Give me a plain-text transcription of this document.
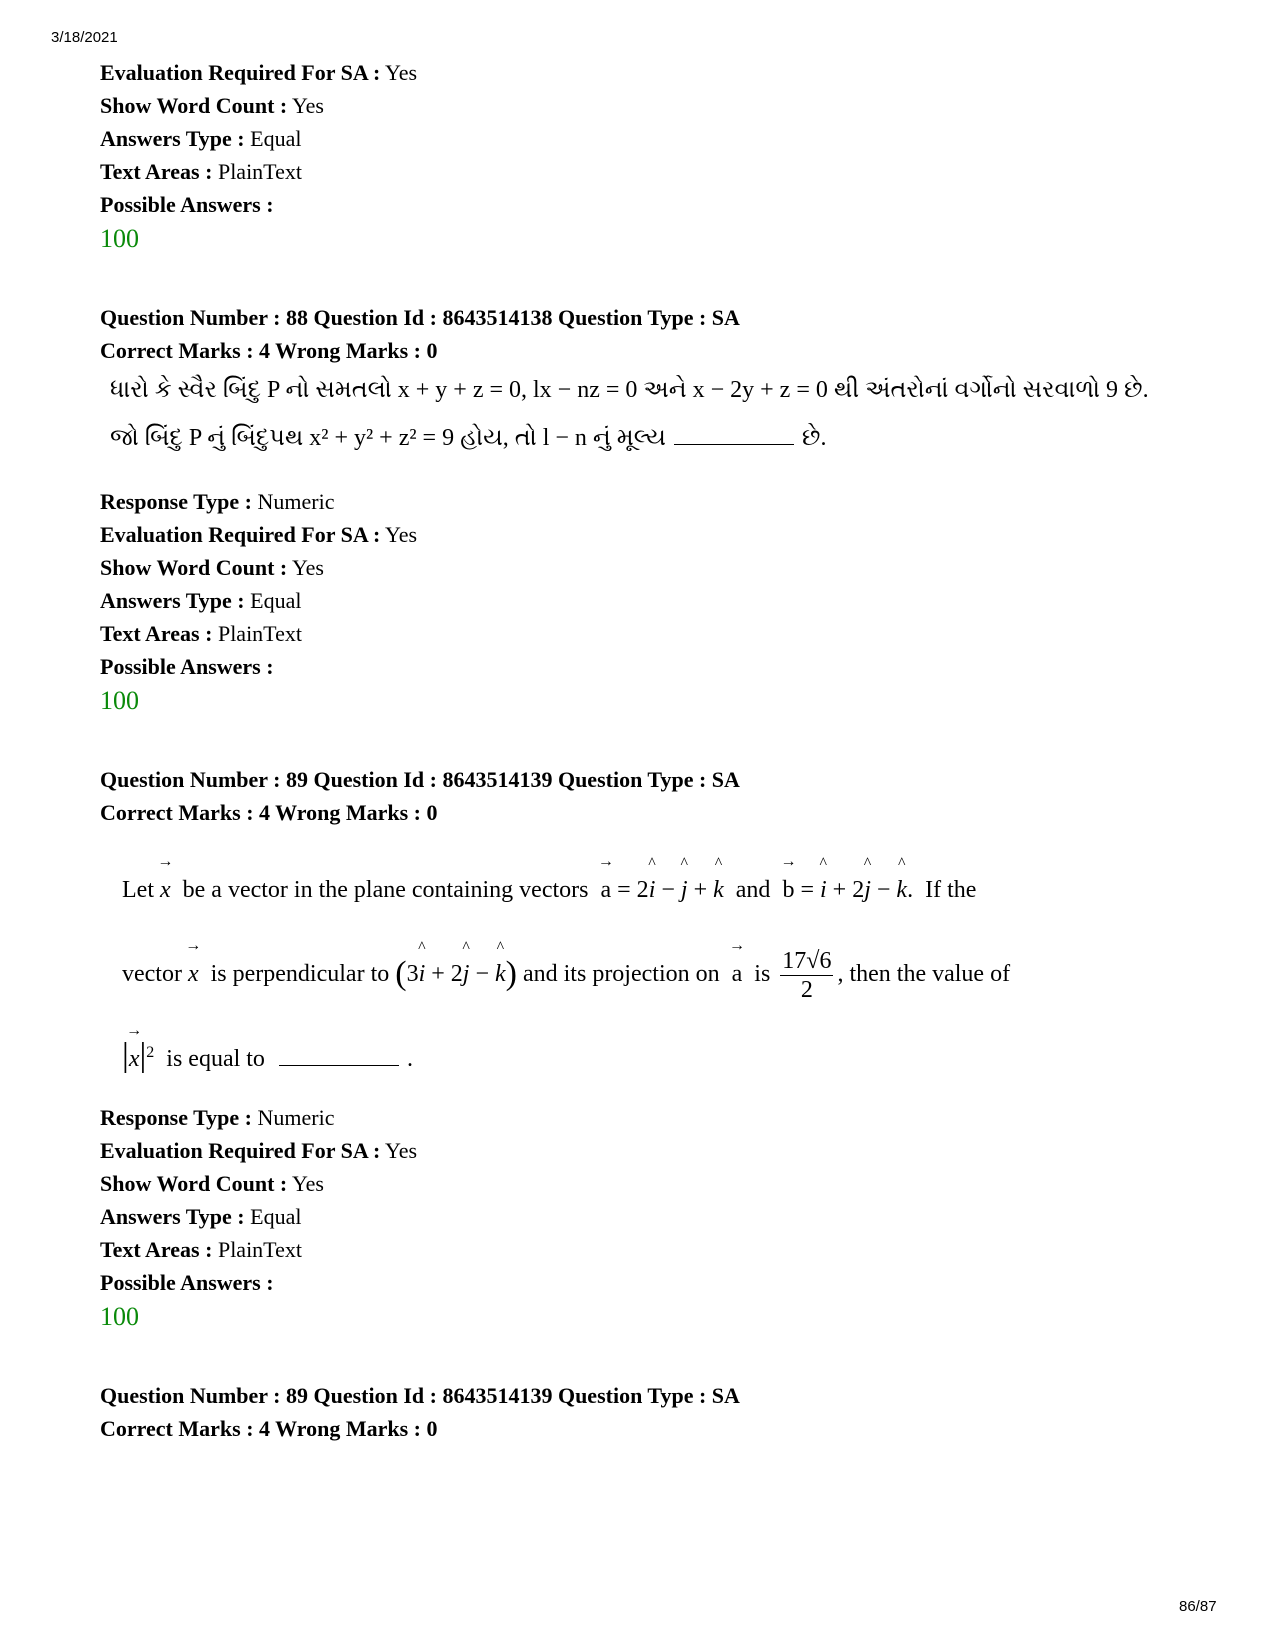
3/18/2021
Evaluation Required For SA : Yes
Show Word Count : Yes
Answers Type : Equal
Text Areas : PlainText
Possible Answers :
100
Question Number : 88 Question Id : 8643514138 Question Type : SA
Correct Marks : 4 Wrong Marks : 0
ધારો કે સ્વૈર બિંદુ P નો સમતલો x + y + z = 0, lx − nz = 0 અને x − 2y + z = 0 થી અંતરોનાં વર્ગોનો સરવાળો 9 છે.
જો બિંદુ P નું બિંદુપથ x² + y² + z² = 9 હોય, તો l − n નું મૂલ્ય	છે.
Response Type : Numeric
Evaluation Required For SA : Yes
Show Word Count : Yes
Answers Type : Equal
Text Areas : PlainText
Possible Answers :
100
Question Number : 89 Question Id : 8643514139 Question Type : SA
Correct Marks : 4 Wrong Marks : 0
Let
→
x  be a vector in the plane containing vectors
→
a = 2
^
i −
^
j +
^
k  and
→
b =
^
i + 2
^
j −
^
k.  If the
vector
→
x  is perpendicular to (3
^
i + 2
^
j −
^
k) and its projection on
→
a  is $\frac{17√6}{2}$ , then the value of
|
→
$x|^2$  is equal to	.
Response Type : Numeric
Evaluation Required For SA : Yes
Show Word Count : Yes
Answers Type : Equal
Text Areas : PlainText
Possible Answers :
100
Question Number : 89 Question Id : 8643514139 Question Type : SA
Correct Marks : 4 Wrong Marks : 0
86/87
